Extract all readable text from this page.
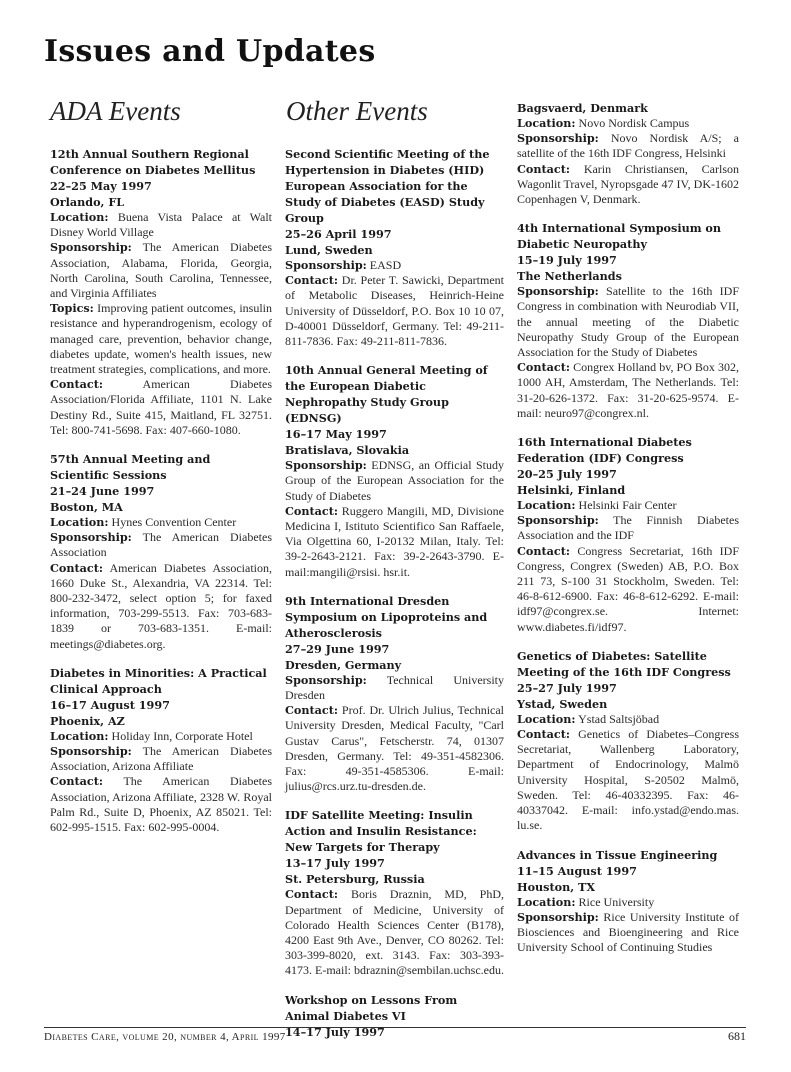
Issues and Updates
ADA Events	Other Events
12th Annual Southern Regional Conference on Diabetes Mellitus
22–25 May 1997
Orlando, FL
Location: Buena Vista Palace at Walt Disney World Village
Sponsorship: The American Diabetes Association, Alabama, Florida, Georgia, North Carolina, South Carolina, Tennessee, and Virginia Affiliates
Topics: Improving patient outcomes, insulin resistance and hyperandrogenism, ecology of managed care, prevention, behavior change, diabetes update, women's health issues, new treatment strategies, complications, and more.
Contact:	American Diabetes Association/Florida Affiliate, 1101 N. Lake Destiny Rd., Suite 415, Maitland, FL 32751. Tel: 800-741-5698. Fax: 407-660-1080.
57th Annual Meeting and Scientific Sessions
21–24 June 1997
Boston, MA
Location: Hynes Convention Center
Sponsorship: The American Diabetes Association
Contact: American Diabetes Association, 1660 Duke St., Alexandria, VA 22314. Tel: 800-232-3472, select option 5; for faxed information, 703-299-5513. Fax: 703-683-1839 or 703-683-1351. E-mail: meetings@diabetes.org.
Diabetes in Minorities: A Practical Clinical Approach
16–17 August 1997
Phoenix, AZ
Location: Holiday Inn, Corporate Hotel
Sponsorship: The American Diabetes Association, Arizona Affiliate
Contact: The American Diabetes Association, Arizona Affiliate, 2328 W. Royal Palm Rd., Suite D, Phoenix, AZ 85021. Tel: 602-995-1515. Fax: 602-995-0004.
Second Scientific Meeting of the Hypertension in Diabetes (HID) European Association for the Study of Diabetes (EASD) Study Group
25–26 April 1997
Lund, Sweden
Sponsorship: EASD
Contact: Dr. Peter T. Sawicki, Department of Metabolic Diseases, Heinrich-Heine University of Düsseldorf, P.O. Box 10 10 07, D-40001 Düsseldorf, Germany. Tel: 49-211-811-7836. Fax: 49-211-811-7836.
10th Annual General Meeting of the European Diabetic Nephropathy Study Group (EDNSG)
16–17 May 1997
Bratislava, Slovakia
Sponsorship: EDNSG, an Official Study Group of the European Association for the Study of Diabetes
Contact: Ruggero Mangili, MD, Divisione Medicina I, Istituto Scientifico San Raffaele, Via Olgettina 60, I-20132 Milan, Italy. Tel: 39-2-2643-2121. Fax: 39-2-2643-3790. E-mail:mangili@rsisi. hsr.it.
9th International Dresden Symposium on Lipoproteins and Atherosclerosis
27–29 June 1997
Dresden, Germany
Sponsorship: Technical University Dresden
Contact: Prof. Dr. Ulrich Julius, Technical University Dresden, Medical Faculty, "Carl Gustav Carus", Fetscherstr. 74, 01307 Dresden, Germany. Tel: 49-351-4582306. Fax: 49-351-4585306. E-mail: julius@rcs.urz.tu-dresden.de.
IDF Satellite Meeting: Insulin Action and Insulin Resistance: New Targets for Therapy
13–17 July 1997
St. Petersburg, Russia
Contact: Boris Draznin, MD, PhD, Department of Medicine, University of Colorado Health Sciences Center (B178), 4200 East 9th Ave., Denver, CO 80262. Tel: 303-399-8020, ext. 3143. Fax: 303-393-4173. E-mail: bdraznin@sembilan.uchsc.edu.
Workshop on Lessons From Animal Diabetes VI
14–17 July 1997
Bagsvaerd, Denmark
Location: Novo Nordisk Campus
Sponsorship: Novo Nordisk A/S; a satellite of the 16th IDF Congress, Helsinki
Contact: Karin Christiansen, Carlson Wagonlit Travel, Nyropsgade 47 IV, DK-1602 Copenhagen V, Denmark.
4th International Symposium on Diabetic Neuropathy
15–19 July 1997
The Netherlands
Sponsorship: Satellite to the 16th IDF Congress in combination with Neurodiab VII, the annual meeting of the Diabetic Neuropathy Study Group of the European Association for the Study of Diabetes
Contact: Congrex Holland bv, PO Box 302, 1000 AH, Amsterdam, The Netherlands. Tel: 31-20-626-1372. Fax: 31-20-625-9574. E-mail: neuro97@congrex.nl.
16th International Diabetes Federation (IDF) Congress
20–25 July 1997
Helsinki, Finland
Location: Helsinki Fair Center
Sponsorship: The Finnish Diabetes Association and the IDF
Contact: Congress Secretariat, 16th IDF Congress, Congrex (Sweden) AB, P.O. Box 211 73, S-100 31 Stockholm, Sweden. Tel: 46-8-612-6900. Fax: 46-8-612-6292. E-mail: idf97@congrex.se. Internet: www.diabetes.fi/idf97.
Genetics of Diabetes: Satellite Meeting of the 16th IDF Congress
25–27 July 1997
Ystad, Sweden
Location: Ystad Saltsjöbad
Contact: Genetics of Diabetes–Congress Secretariat, Wallenberg Laboratory, Department of Endocrinology, Malmö University Hospital, S-20502 Malmö, Sweden. Tel: 46-40332395. Fax: 46-40337042. E-mail: info.ystad@endo.mas. lu.se.
Advances in Tissue Engineering
11–15 August 1997
Houston, TX
Location: Rice University
Sponsorship: Rice University Institute of Biosciences and Bioengineering and Rice University School of Continuing Studies
Diabetes Care, volume 20, number 4, April 1997	681
